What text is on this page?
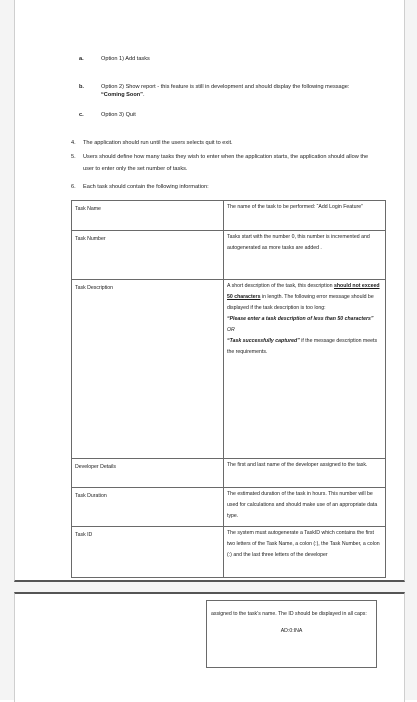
a.	Option 1) Add tasks
b.	Option 2) Show report - this feature is still in development and should display the following message: “Coming Soon”.
c.	Option 3) Quit
4.	The application should run until the users selects quit to exit.
5.	Users should define how many tasks they wish to enter when the application starts, the application should allow the user to enter only the set number of tasks.
6.	Each task should contain the following information:
Task Name	The name of the task to be performed: “Add Login Feature”
Task Number	Tasks start with the number 0, this number is incremented and autogenerated as more tasks are added .
Task Description	A short description of the task, this description should not exceed 50 characters in length. The following error message should be displayed if the task description is too long:
“Please enter a task description of less than 50 characters”
OR
“Task successfully captured” if the message description meets the requirements.
Developer Details	The first and last name of the developer assigned to the task.
Task Duration	The estimated duration of the task in hours. This number will be used for calculations and should make use of an appropriate data type.
Task ID	The system must autogenerate a TaskID which contains the first two letters of the Task Name, a colon (:), the Task Number, a colon (:) and the last three letters of the developer
assigned to the task’s name. The ID should be displayed in all caps:
AD:0:INA
